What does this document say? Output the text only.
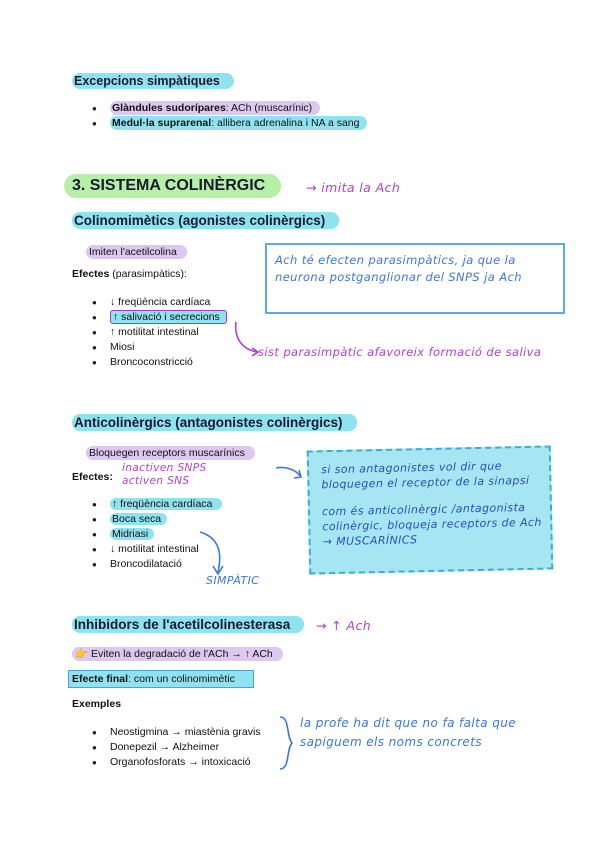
Excepcions simpàtiques
● Glàndules sudorípares: ACh (muscarínic)
● Medul·la suprarenal: allibera adrenalina i NA a sang
3. SISTEMA COLINÈRGIC	→ imita la Ach
Colinomimètics (agonistes colinèrgics)
Imiten l'acetilcolina
Efectes (parasimpàtics):
● ↓ freqüència cardíaca
● ↑ salivació i secrecions
● ↑ motilitat intestinal
● Miosi
● Broncoconstricció
Ach té efecten parasimpàtics, ja que la neurona postganglionar del SNPS ja Ach
sist parasimpàtic afavoreix formació de saliva
Anticolinèrgics (antagonistes colinèrgics)
Bloquegen receptors muscarínics
Efectes:
inactiven SNPS activen SNS
● ↑ freqüència cardíaca
● Boca seca
● Midriasi
● ↓ motilitat intestinal
● Broncodilatació
SIMPÀTIC
si son antagonistes vol dir que bloquegen el receptor de la sinapsi
com és anticolinèrgic /antagonista colinèrgic, bloqueja receptors de Ach → MUSCARÍNICS
Inhibidors de l'acetilcolinesterasa	→ ↑ Ach
👉 Eviten la degradació de l'ACh → ↑ ACh
Efecte final: com un colinomimètic
Exemples
● Neostigmina → miastènia gravis
● Donepezil → Alzheimer
● Organofosforats → intoxicació
la profe ha dit que no fa falta que sapiguem els noms concrets
